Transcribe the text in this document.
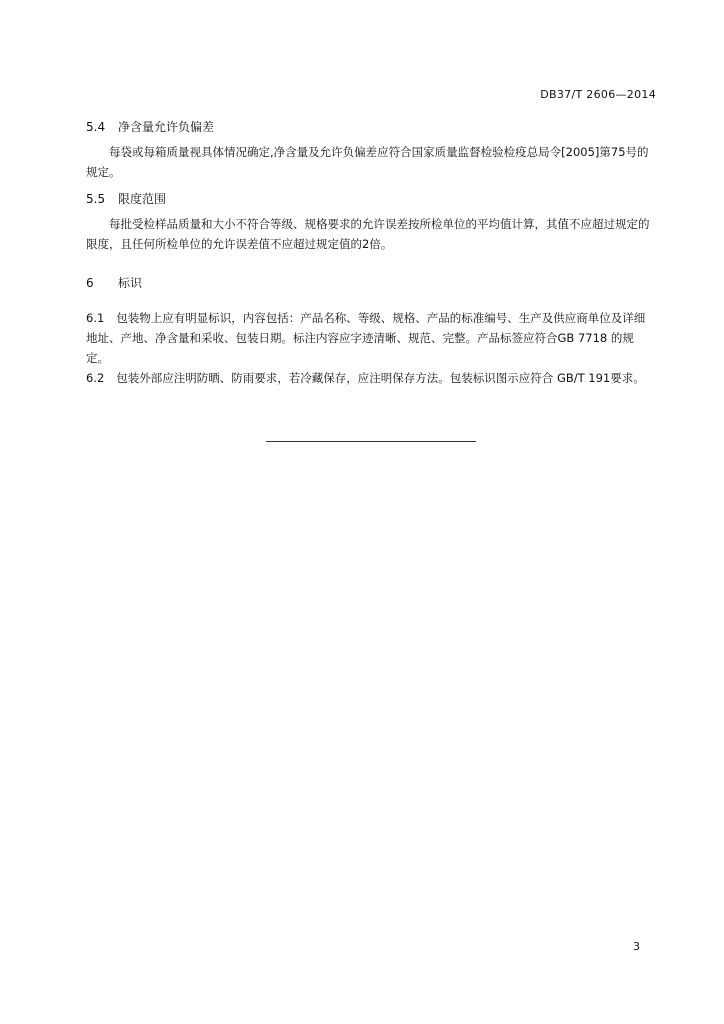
DB37/T 2606—2014
5.4 净含量允许负偏差

每袋或每箱质量视具体情况确定,净含量及允许负偏差应符合国家质量监督检验检疫总局令[2005]第75号的规定。

5.5 限度范围

每批受检样品质量和大小不符合等级、规格要求的允许误差按所检单位的平均值计算，其值不应超过规定的限度，且任何所检单位的允许误差值不应超过规定值的2倍。

6 标识

6.1 包装物上应有明显标识，内容包括：产品名称、等级、规格、产品的标准编号、生产及供应商单位及详细地址、产地、净含量和采收、包装日期。标注内容应字迹清晰、规范、完整。产品标签应符合GB 7718 的规定。

6.2 包装外部应注明防晒、防雨要求，若冷藏保存，应注明保存方法。包装标识图示应符合 GB/T 191要求。

3
